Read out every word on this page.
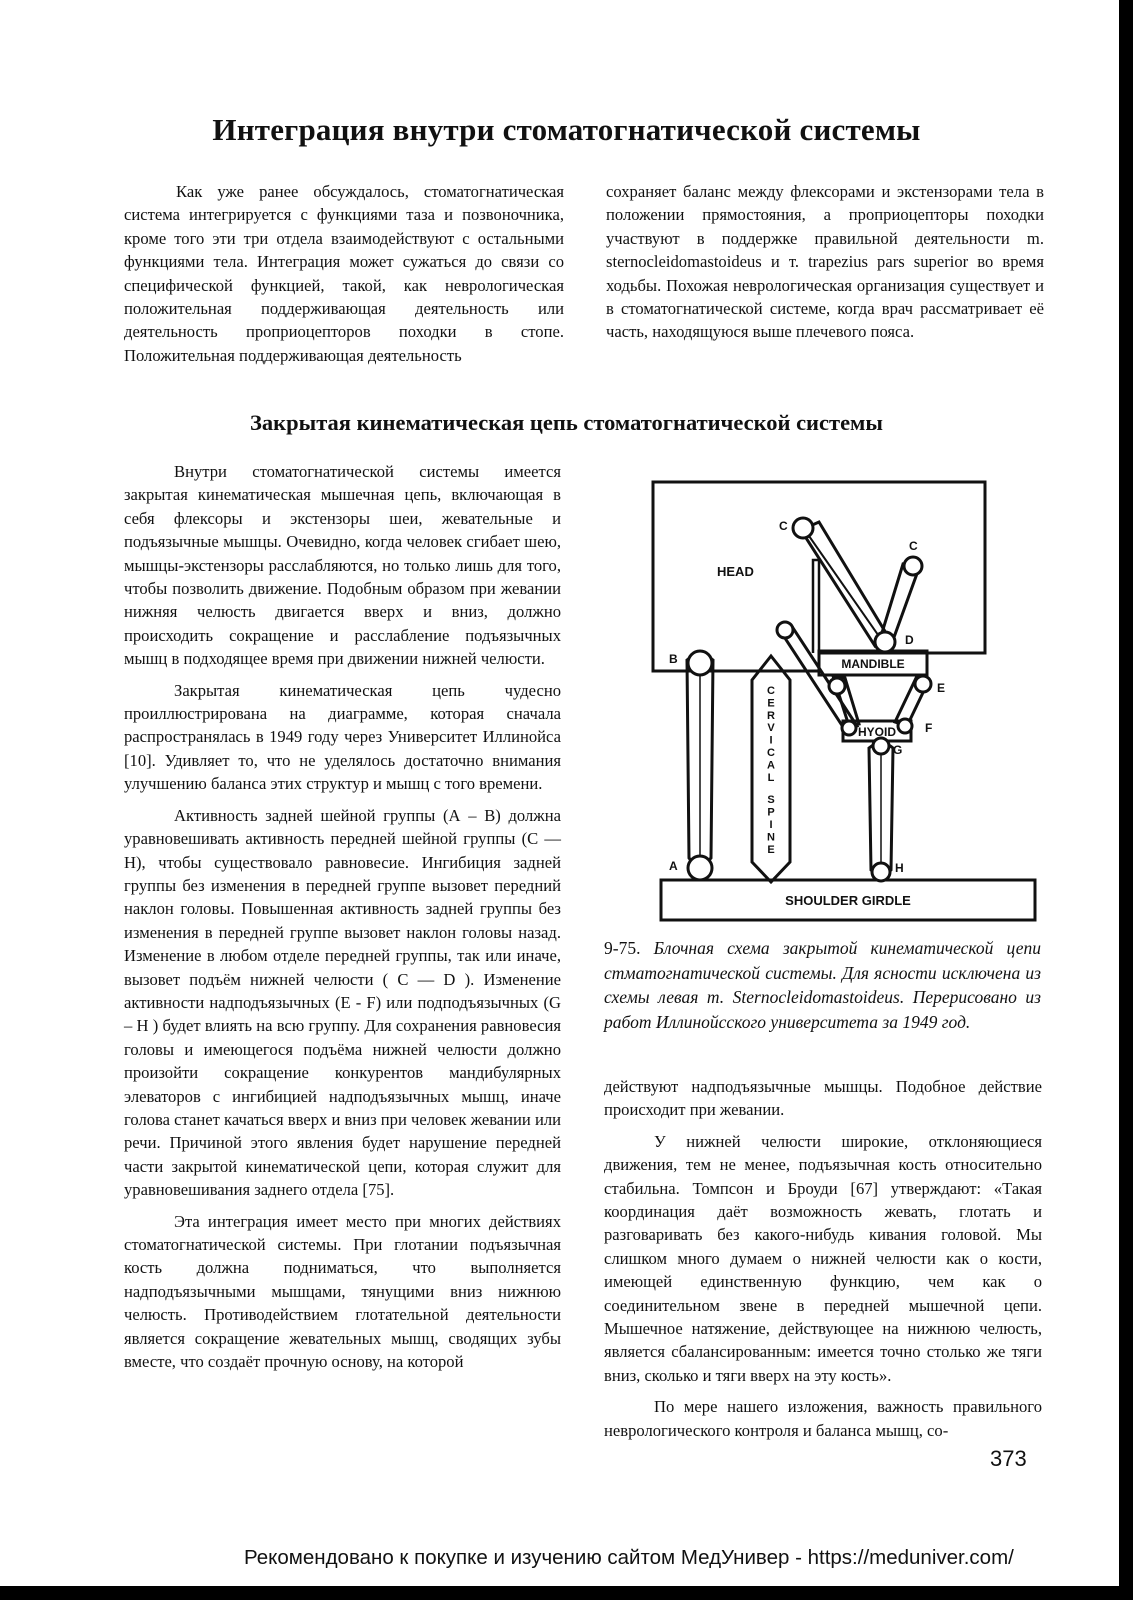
Интеграция внутри стоматогнатической системы

Как уже ранее обсуждалось, стоматогнатическая система интегрируется с функциями таза и позвоночника, кроме того эти три отдела взаимодействуют с остальными функциями тела. Интеграция может сужаться до связи со специфической функцией, такой, как неврологическая положительная поддерживающая деятельность или деятельность проприоцепторов походки в стопе. Положительная поддерживающая деятельность

сохраняет баланс между флексорами и экстензорами тела в положении прямостояния, а проприоцепторы походки участвуют в поддержке правильной деятельности m. sternocleidomastoideus и т. trapezius pars superior во время ходьбы. Похожая неврологическая организация существует и в стоматогнатической системе, когда врач рассматривает её часть, находящуюся выше плечевого пояса.

Закрытая кинематическая цепь стоматогнатической системы

Внутри стоматогнатической системы имеется закрытая кинематическая мышечная цепь, включающая в себя флексоры и экстензоры шеи, жевательные и подъязычные мышцы. Очевидно, когда человек сгибает шею, мышцы-экстензоры расслабляются, но только лишь для того, чтобы позволить движение. Подобным образом при жевании нижняя челюсть двигается вверх и вниз, должно происходить сокращение и расслабление подъязычных мышц в подходящее время при движении нижней челюсти.

Закрытая кинематическая цепь чудесно проиллюстрирована на диаграмме, которая сначала распространялась в 1949 году через Университет Иллинойса [10]. Удивляет то, что не уделялось достаточно внимания улучшению баланса этих структур и мышц с того времени.

Активность задней шейной группы (А – В) должна уравновешивать активность передней шейной группы (С — Н), чтобы существовало равновесие. Ингибиция задней группы без изменения в передней группе вызовет передний наклон головы. Повышенная активность задней группы без изменения в передней группе вызовет наклон головы назад. Изменение в любом отделе передней группы, так или иначе, вызовет подъём нижней челюсти ( С — D ). Изменение активности надподъязычных (Е - F) или подподъязычных (G – H ) будет влиять на всю группу. Для сохранения равновесия головы и имеющегося подъёма нижней челюсти должно произойти сокращение конкурентов мандибулярных элеваторов с ингибицией надподъязычных мышц, иначе голова станет качаться вверх и вниз при человек жевании или речи. Причиной этого явления будет нарушение передней части закрытой кинематической цепи, которая служит для уравновешивания заднего отдела [75].

Эта интеграция имеет место при многих действиях стоматогнатической системы. При глотании подъязычная кость должна подниматься, что выполняется надподъязычными мышцами, тянущими вниз нижнюю челюсть. Противодействием глотательной деятельности является сокращение жевательных мышц, сводящих зубы вместе, что создаёт прочную основу, на которой

HEAD
MANDIBLE
HYOID
SHOULDER GIRDLE
A
B
C
C
D
E
F
G
H
C
E
R
V
I
C
A
L
S
P
I
N
E
9-75. Блочная схема закрытой кинематической цепи стматогнатической системы. Для ясности исключена из схемы левая т. Sternocleidomastoideus. Перерисовано из работ Иллинойсского университета за 1949 год.

действуют надподъязычные мышцы. Подобное действие происходит при жевании.

У нижней челюсти широкие, отклоняющиеся движения, тем не менее, подъязычная кость относительно стабильна. Томпсон и Броуди [67] утверждают: «Такая координация даёт возможность жевать, глотать и разговаривать без какого-нибудь кивания головой. Мы слишком много думаем о нижней челюсти как о кости, имеющей единственную функцию, чем как о соединительном звене в передней мышечной цепи. Мышечное натяжение, действующее на нижнюю челюсть, является сбалансированным: имеется точно столько же тяги вниз, сколько и тяги вверх на эту кость».

По мере нашего изложения, важность правильного неврологического контроля и баланса мышц, со-

373
Рекомендовано к покупке и изучению сайтом МедУнивер - https://meduniver.com/
